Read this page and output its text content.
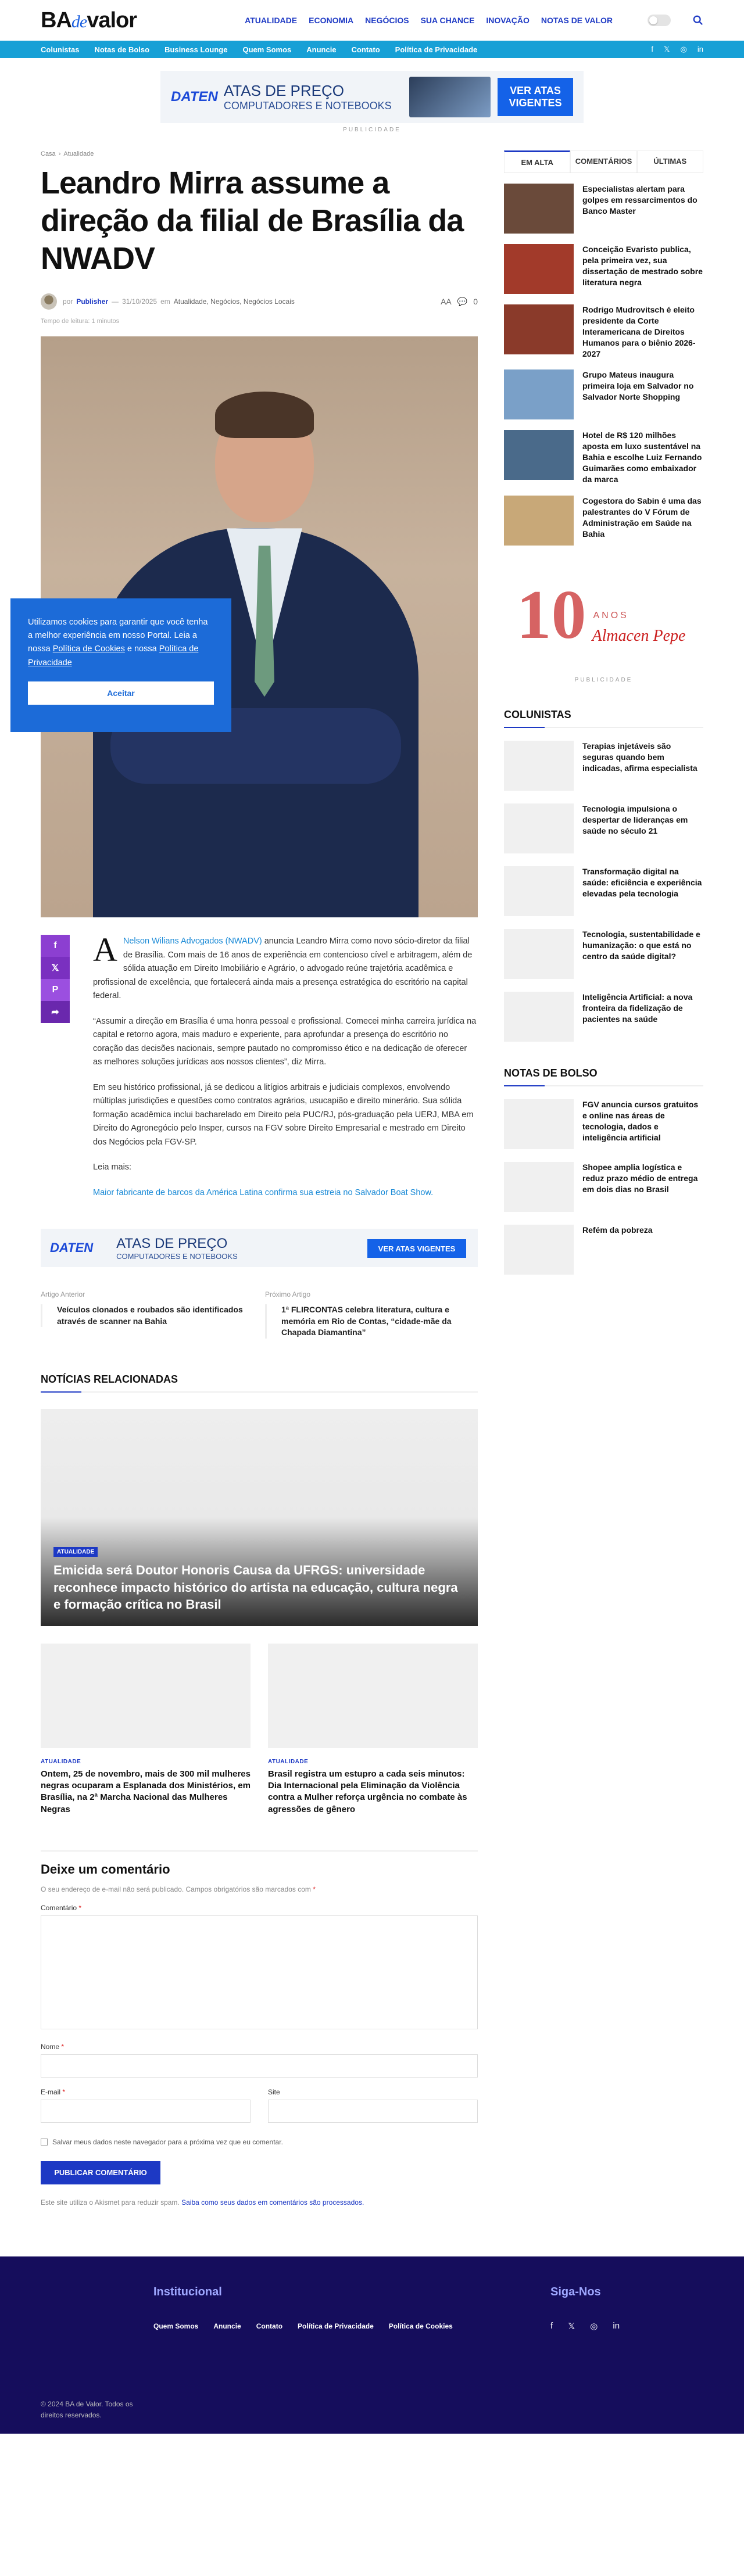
BAdevalor	ATUALIDADE ECONOMIA NEGÓCIOS SUA CHANCE INOVAÇÃO NOTAS DE VALOR
Colunistas Notas de Bolso Business Lounge Quem Somos Anuncie Contato Política de Privacidade	f 𝕏 ◎ in
DATEN ATAS DE PREÇO
COMPUTADORES E NOTEBOOKS
VER ATAS VIGENTES
PUBLICIDADE
Casa › Atualidade
Leandro Mirra assume a direção da filial de Brasília da NWADV
por Publisher — 31/10/2025 em Atualidade, Negócios, Negócios Locais	AA 💬 0
Tempo de leitura: 1 minutos
f
𝕏
P
➦

A Nelson Wilians Advogados (NWADV) anuncia Leandro Mirra como novo sócio-diretor da filial de Brasília. Com mais de 16 anos de experiência em contencioso cível e arbitragem, além de sólida atuação em Direito Imobiliário e Agrário, o advogado reúne trajetória acadêmica e profissional de excelência, que fortalecerá ainda mais a presença estratégica do escritório na capital federal.

“Assumir a direção em Brasília é uma honra pessoal e profissional. Comecei minha carreira jurídica na capital e retorno agora, mais maduro e experiente, para aprofundar a presença do escritório no coração das decisões nacionais, sempre pautado no compromisso ético e na dedicação de oferecer as melhores soluções jurídicas aos nossos clientes”, diz Mirra.

Em seu histórico profissional, já se dedicou a litígios arbitrais e judiciais complexos, envolvendo múltiplas jurisdições e questões como contratos agrários, usucapião e direito minerário. Sua sólida formação acadêmica inclui bacharelado em Direito pela PUC/RJ, pós-graduação pela UERJ, MBA em Direito do Agronegócio pelo Insper, cursos na FGV sobre Direito Empresarial e mestrado em Direito dos Negócios pela FGV-SP.

Leia mais:

Maior fabricante de barcos da América Latina confirma sua estreia no Salvador Boat Show.

DATEN ATAS DE PREÇO
COMPUTADORES E NOTEBOOKS
VER ATAS VIGENTES
Artigo Anterior
Veículos clonados e roubados são identificados através de scanner na Bahia
Próximo Artigo
1ª FLIRCONTAS celebra literatura, cultura e memória em Rio de Contas, “cidade-mãe da Chapada Diamantina”
NOTÍCIAS RELACIONADAS
ATUALIDADE
Emicida será Doutor Honoris Causa da UFRGS: universidade reconhece impacto histórico do artista na educação, cultura negra e formação crítica no Brasil
ATUALIDADE
Ontem, 25 de novembro, mais de 300 mil mulheres negras ocuparam a Esplanada dos Ministérios, em Brasília, na 2ª Marcha Nacional das Mulheres Negras
ATUALIDADE
Brasil registra um estupro a cada seis minutos: Dia Internacional pela Eliminação da Violência contra a Mulher reforça urgência no combate às agressões de gênero
Deixe um comentário

O seu endereço de e-mail não será publicado. Campos obrigatórios são marcados com *

Comentário *
Nome *
E-mail *	Site
Salvar meus dados neste navegador para a próxima vez que eu comentar.
PUBLICAR COMENTÁRIO

Este site utiliza o Akismet para reduzir spam. Saiba como seus dados em comentários são processados.

EM ALTA	COMENTÁRIOS	ÚLTIMAS
Especialistas alertam para golpes em ressarcimentos do Banco Master
Conceição Evaristo publica, pela primeira vez, sua dissertação de mestrado sobre literatura negra
Rodrigo Mudrovitsch é eleito presidente da Corte Interamericana de Direitos Humanos para o biênio 2026-2027
Grupo Mateus inaugura primeira loja em Salvador no Salvador Norte Shopping
Hotel de R$ 120 milhões aposta em luxo sustentável na Bahia e escolhe Luiz Fernando Guimarães como embaixador da marca
Cogestora do Sabin é uma das palestrantes do V Fórum de Administração em Saúde na Bahia
10 ANOS
Almacen Pepe
PUBLICIDADE
COLUNISTAS
Terapias injetáveis são seguras quando bem indicadas, afirma especialista
Tecnologia impulsiona o despertar de lideranças em saúde no século 21
Transformação digital na saúde: eficiência e experiência elevadas pela tecnologia
Tecnologia, sustentabilidade e humanização: o que está no centro da saúde digital?
Inteligência Artificial: a nova fronteira da fidelização de pacientes na saúde
NOTAS DE BOLSO
FGV anuncia cursos gratuitos e online nas áreas de tecnologia, dados e inteligência artificial
Shopee amplia logística e reduz prazo médio de entrega em dois dias no Brasil
Refém da pobreza
Utilizamos cookies para garantir que você tenha a melhor experiência em nosso Portal. Leia a nossa Política de Cookies e nossa Política de Privacidade
Aceitar
Institucional
Quem Somos Anuncie Contato Política de Privacidade Política de Cookies
Siga-Nos
f 𝕏 ◎ in
© 2024 BA de Valor. Todos os direitos reservados.
